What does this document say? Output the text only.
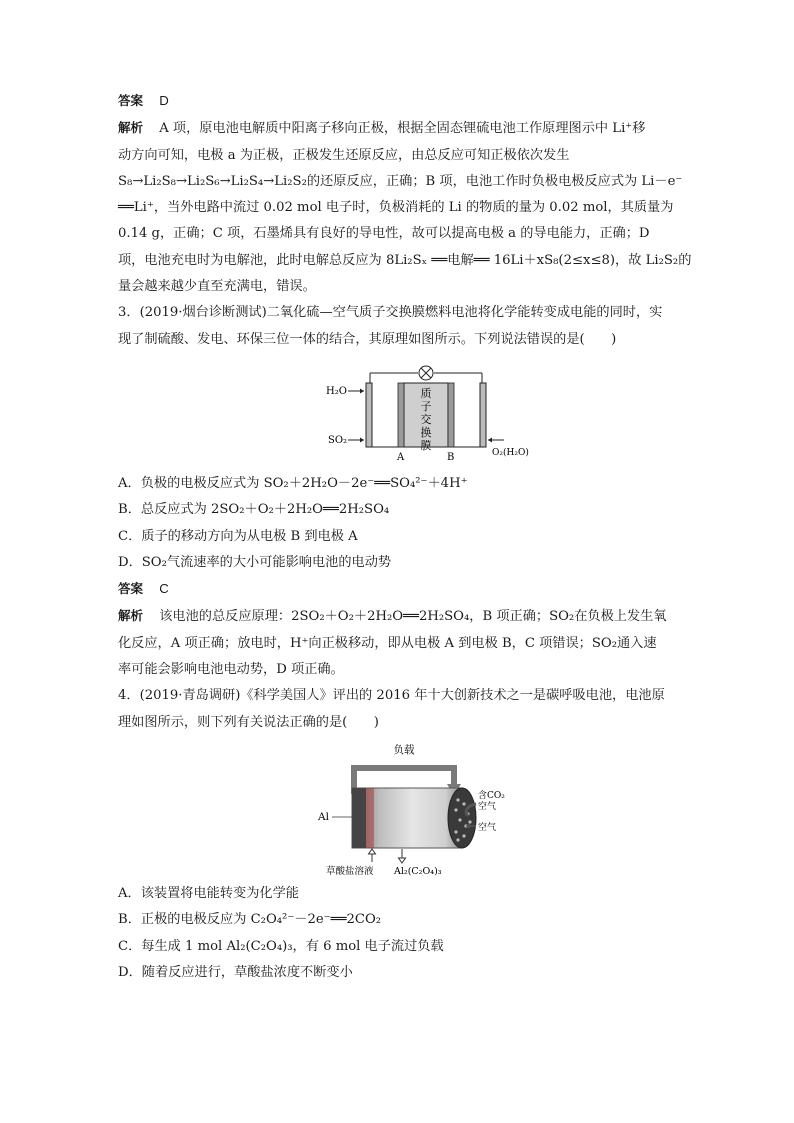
答案 D
解析 A 项，原电池电解质中阳离子移向正极，根据全固态锂硫电池工作原理图示中 Li⁺移
动方向可知，电极 a 为正极，正极发生还原反应，由总反应可知正极依次发生
S₈→Li₂S₈→Li₂S₆→Li₂S₄→Li₂S₂的还原反应，正确；B 项，电池工作时负极电极反应式为 Li－e⁻
══Li⁺，当外电路中流过 0.02 mol 电子时，负极消耗的 Li 的物质的量为 0.02 mol，其质量为
0.14 g，正确；C 项，石墨烯具有良好的导电性，故可以提高电极 a 的导电能力，正确；D
项，电池充电时为电解池，此时电解总反应为 8Li₂Sₓ ══电解══ 16Li＋xS₈(2≤x≤8)，故 Li₂S₂的
量会越来越少直至充满电，错误。
3．(2019·烟台诊断测试)二氧化硫—空气质子交换膜燃料电池将化学能转变成电能的同时，实
现了制硫酸、发电、环保三位一体的结合，其原理如图所示。下列说法错误的是(　　)
质
子
交
换
膜
H₂O
SO₂
O₂(H₂O)
A	B
A．负极的电极反应式为 SO₂＋2H₂O－2e⁻══SO₄²⁻＋4H⁺
B．总反应式为 2SO₂＋O₂＋2H₂O══2H₂SO₄
C．质子的移动方向为从电极 B 到电极 A
D．SO₂气流速率的大小可能影响电池的电动势
答案 C
解析 该电池的总反应原理：2SO₂＋O₂＋2H₂O══2H₂SO₄，B 项正确；SO₂在负极上发生氧
化反应，A 项正确；放电时，H⁺向正极移动，即从电极 A 到电极 B，C 项错误；SO₂通入速
率可能会影响电池电动势，D 项正确。
4．(2019·青岛调研)《科学美国人》评出的 2016 年十大创新技术之一是碳呼吸电池，电池原
理如图所示，则下列有关说法正确的是(　　)
负载
Al
含CO₂
空气
空气
草酸盐溶液 Al₂(C₂O₄)₃
A．该装置将电能转变为化学能
B．正极的电极反应为 C₂O₄²⁻－2e⁻══2CO₂
C．每生成 1 mol Al₂(C₂O₄)₃，有 6 mol 电子流过负载
D．随着反应进行，草酸盐浓度不断变小
